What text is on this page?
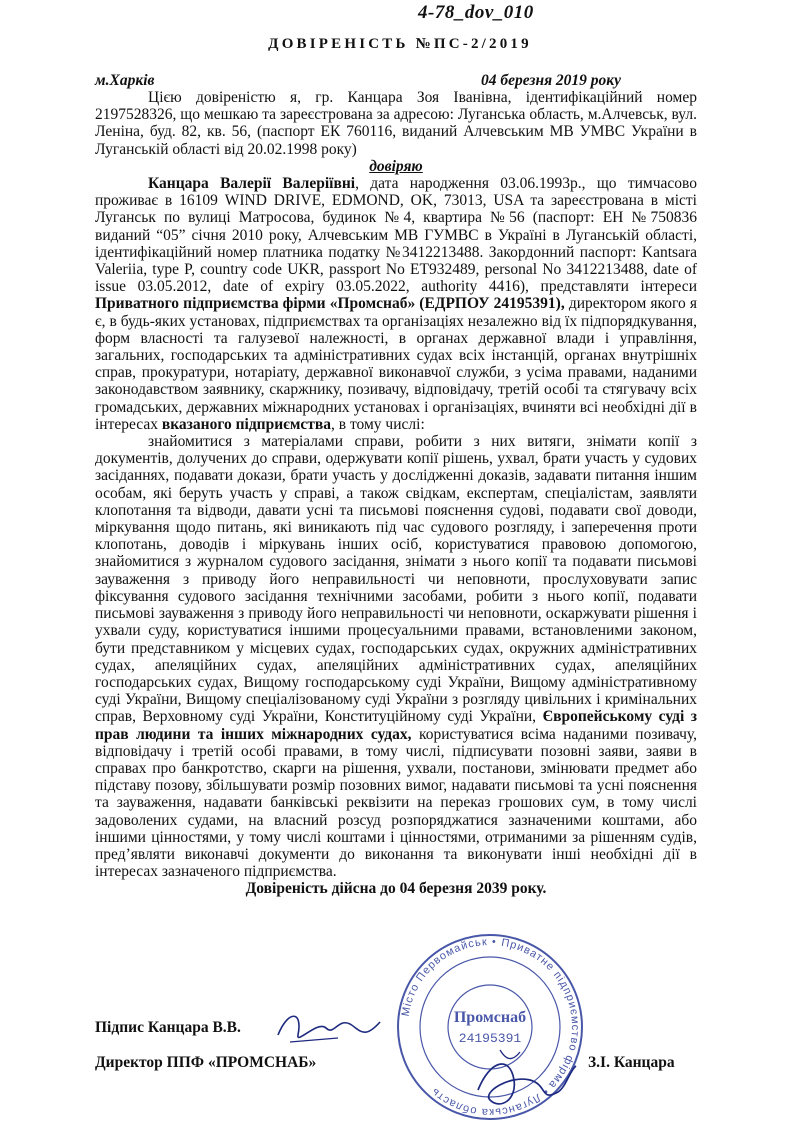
4-78_dov_010
ДОВІРЕНІСТЬ №ПС-2/2019
м.Харків	04 березня 2019 року

Цією довіреністю я, гр. Канцара Зоя Іванівна, ідентифікаційний номер 2197528326, що мешкаю та зареєстрована за адресою: Луганська область, м.Алчевськ, вул. Леніна, буд. 82, кв. 56, (паспорт ЕК 760116, виданий Алчевським МВ УМВС України в Луганській області від 20.02.1998 року)

довіряю

Канцара Валерії Валеріївні, дата народження 03.06.1993р., що тимчасово проживає в 16109 WIND DRIVE, EDMOND, OK, 73013, USA та зареєстрована в місті Луганськ по вулиці Матросова, будинок №4, квартира №56 (паспорт: ЕН №750836 виданий “05” січня 2010 року, Алчевським МВ ГУМВС в Україні в Луганській області, ідентифікаційний номер платника податку №3412213488. Закордонний паспорт: Kantsara Valeriia, type P, country code UKR, passport No ET932489, personal No 3412213488, date of issue 03.05.2012, date of expiry 03.05.2022, authority 4416), представляти інтереси Приватного підприємства фірми «Промснаб» (ЕДРПОУ 24195391), директором якого я є, в будь-яких установах, підприємствах та організаціях незалежно від їх підпорядкування, форм власності та галузевої належності, в органах державної влади і управління, загальних, господарських та адміністративних судах всіх інстанцій, органах внутрішніх справ, прокуратури, нотаріату, державної виконавчої служби, з усіма правами, наданими законодавством заявнику, скаржнику, позивачу, відповідачу, третій особі та стягувачу всіх громадських, державних міжнародних установах і організаціях, вчиняти всі необхідні дії в інтересах вказаного підприємства, в тому числі:

знайомитися з матеріалами справи, робити з них витяги, знімати копії з документів, долучених до справи, одержувати копії рішень, ухвал, брати участь у судових засіданнях, подавати докази, брати участь у дослідженні доказів, задавати питання іншим особам, які беруть участь у справі, а також свідкам, експертам, спеціалістам, заявляти клопотання та відводи, давати усні та письмові пояснення судові, подавати свої доводи, міркування щодо питань, які виникають під час судового розгляду, і заперечення проти клопотань, доводів і міркувань інших осіб, користуватися правовою допомогою, знайомитися з журналом судового засідання, знімати з нього копії та подавати письмові зауваження з приводу його неправильності чи неповноти, прослуховувати запис фіксування судового засідання технічними засобами, робити з нього копії, подавати письмові зауваження з приводу його неправильності чи неповноти, оскаржувати рішення і ухвали суду, користуватися іншими процесуальними правами, встановленими законом, бути представником у місцевих судах, господарських судах, окружних адміністративних судах, апеляційних судах, апеляційних адміністративних судах, апеляційних господарських судах, Вищому господарському суді України, Вищому адміністративному суді України, Вищому спеціалізованому суді України з розгляду цивільних і кримінальних справ, Верховному суді України, Конституційному суді України, Європейському суді з прав людини та інших міжнародних судах, користуватися всіма наданими позивачу, відповідачу і третій особі правами, в тому числі, підписувати позовні заяви, заяви в справах про банкротство, скарги на рішення, ухвали, постанови, змінювати предмет або підставу позову, збільшувати розмір позовних вимог, надавати письмові та усні пояснення та зауваження, надавати банківські реквізити на переказ грошових сум, в тому числі задоволених судами, на власний розсуд розпоряджатися зазначеними коштами, або іншими цінностями, у тому числі коштами і цінностями, отриманими за рішенням судів, пред’являти виконавчі документи до виконання та виконувати інші необхідні дії в інтересах зазначеного підприємства.

Довіреність дійсна до 04 березня 2039 року.

Підпис Канцара В.В.
Директор ППФ «ПРОМСНАБ»	З.І. Канцара
Місто Первомайськ • Приватне підприємство фірма • Луганська область
Промснаб
24195391
